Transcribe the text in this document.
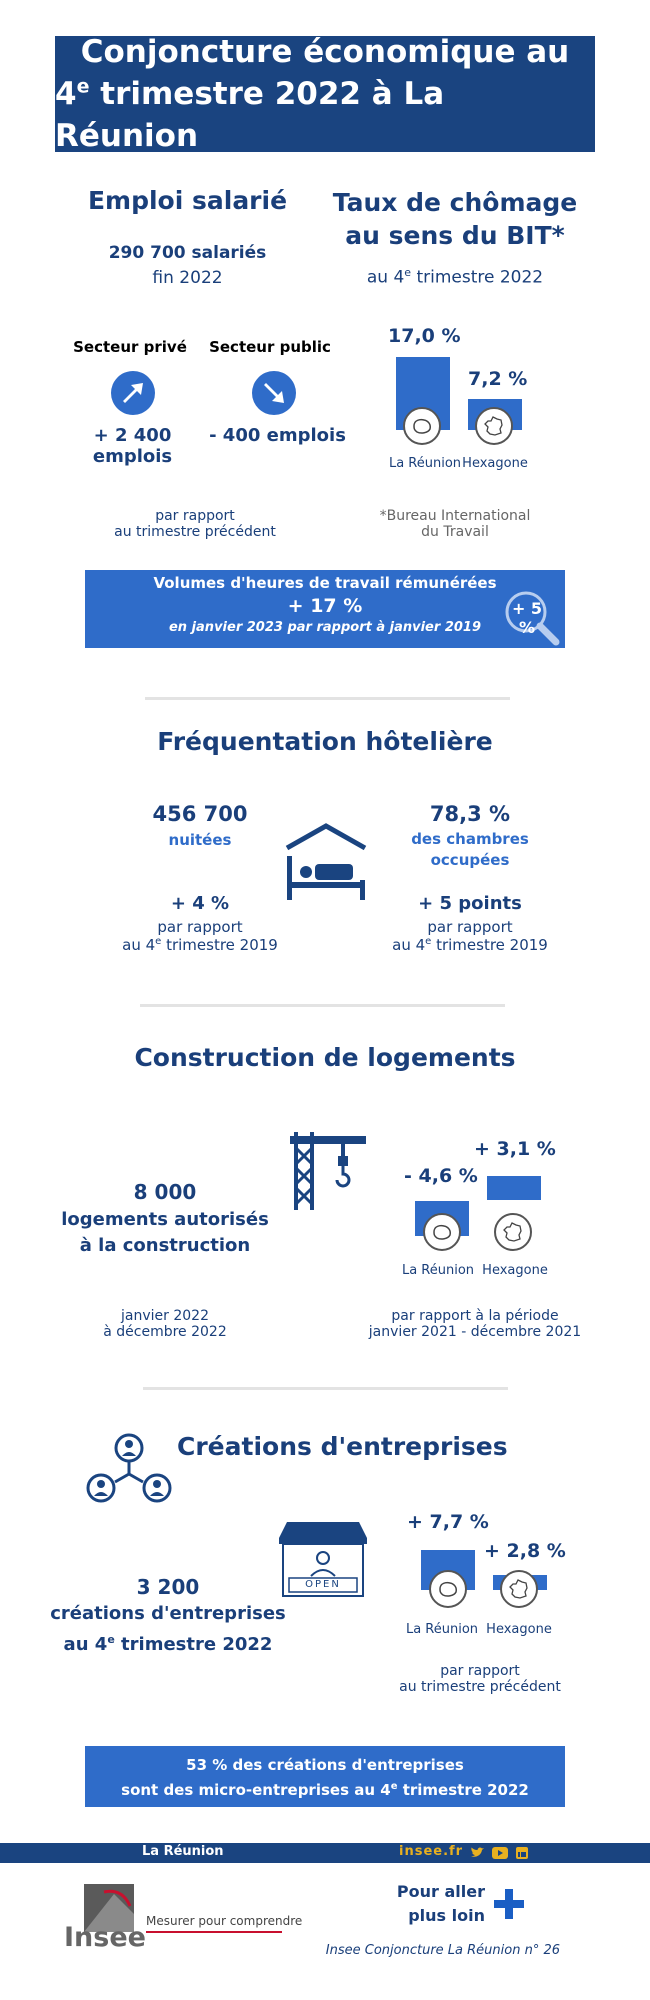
Conjoncture économique au
4e trimestre 2022 à La Réunion
Emploi salarié
290 700 salariés
fin 2022
Secteur privé	Secteur public
+ 2 400 emplois
- 400 emplois
par rapport
au trimestre précédent
Taux de chômage
au sens du BIT*
au 4e trimestre 2022
17,0 %
7,2 %
La Réunion Hexagone
*Bureau International
du Travail
Volumes d'heures de travail rémunérées
+ 17 %
en janvier 2023 par rapport à janvier 2019
+ 5 %
Fréquentation hôtelière
456 700
nuitées
+ 4 %
par rapport
au 4e trimestre 2019
78,3 %
des chambres
occupées
+ 5 points
par rapport
au 4e trimestre 2019
Construction de logements
8 000
logements autorisés
à la construction
janvier 2022
à décembre 2022
- 4,6 %
+ 3,1 %
La Réunion Hexagone
par rapport à la période
janvier 2021 - décembre 2021
Créations d'entreprises
OPEN
3 200
créations d'entreprises
au 4e trimestre 2022
+ 7,7 %
+ 2,8 %
La Réunion Hexagone
par rapport
au trimestre précédent
53 % des créations d'entreprises
sont des micro-entreprises au 4e trimestre 2022
La Réunion	insee.fr
Insee
Mesurer pour comprendre
Pour aller
plus loin
Insee Conjoncture La Réunion n° 26
